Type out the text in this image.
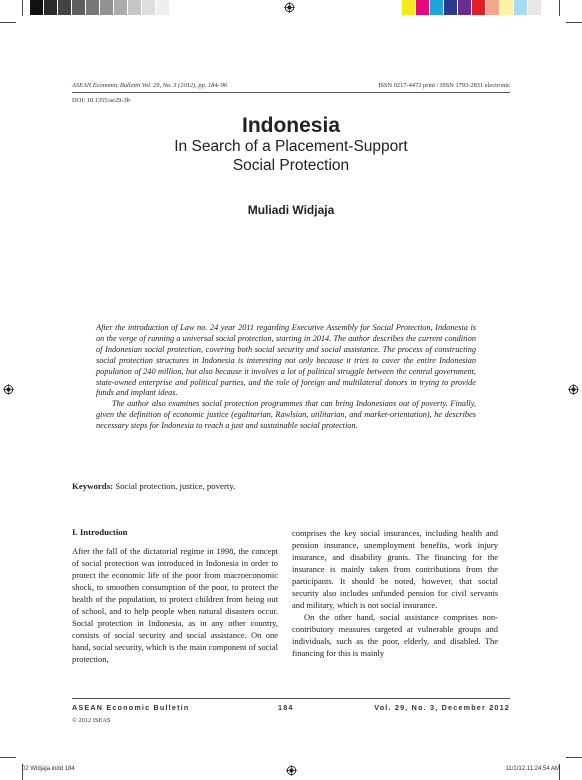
ASEAN Economic Bulletin Vol. 29, No. 3 (2012), pp. 184–96	ISSN 0217-4472 print / ISSN 1793-2831 electronic
DOI: 10.1355/ae29-3b
Indonesia
In Search of a Placement-Support
Social Protection
Muliadi Widjaja

After the introduction of Law no. 24 year 2011 regarding Executive Assembly for Social Protection, Indonesia is on the verge of running a universal social protection, starting in 2014. The author describes the current condition of Indonesian social protection, covering both social security and social assistance. The process of constructing social protection structures in Indonesia is interesting not only because it tries to cover the entire Indonesian population of 240 million, but also because it involves a lot of political struggle between the central government, state-owned enterprise and political parties, and the role of foreign and multilateral donors in trying to provide funds and implant ideas.

The author also examines social protection programmes that can bring Indonesians out of poverty. Finally, given the definition of economic justice (egalitarian, Rawlsian, utilitarian, and market-orientation), he describes necessary steps for Indonesia to reach a just and sustainable social protection.

Keywords: Social protection, justice, poverty.
I. Introduction

After the fall of the dictatorial regime in 1998, the concept of social protection was introduced in Indonesia in order to protect the economic life of the poor from macroeconomic shock, to smoothen consumption of the poor, to protect the health of the population, to protect children from being out of school, and to help people when natural disasters occur. Social protection in Indonesia, as in any other country, consists of social security and social assistance. On one hand, social security, which is the main component of social protection,

comprises the key social insurances, including health and pension insurance, unemployment benefits, work injury insurance, and disability grants. The financing for the insurance is mainly taken from contributions from the participants. It should be noted, however, that social security also includes unfunded pension for civil servants and military, which is not social insurance.

On the other hand, social assistance comprises non-contributory measures targeted at vulnerable groups and individuals, such as the poor, elderly, and disabled. The financing for this is mainly

ASEAN Economic Bulletin	184	Vol. 29, No. 3, December 2012
© 2012 ISEAS
02 Widjaja.indd 184	11/1/12 11:24:54 AM
